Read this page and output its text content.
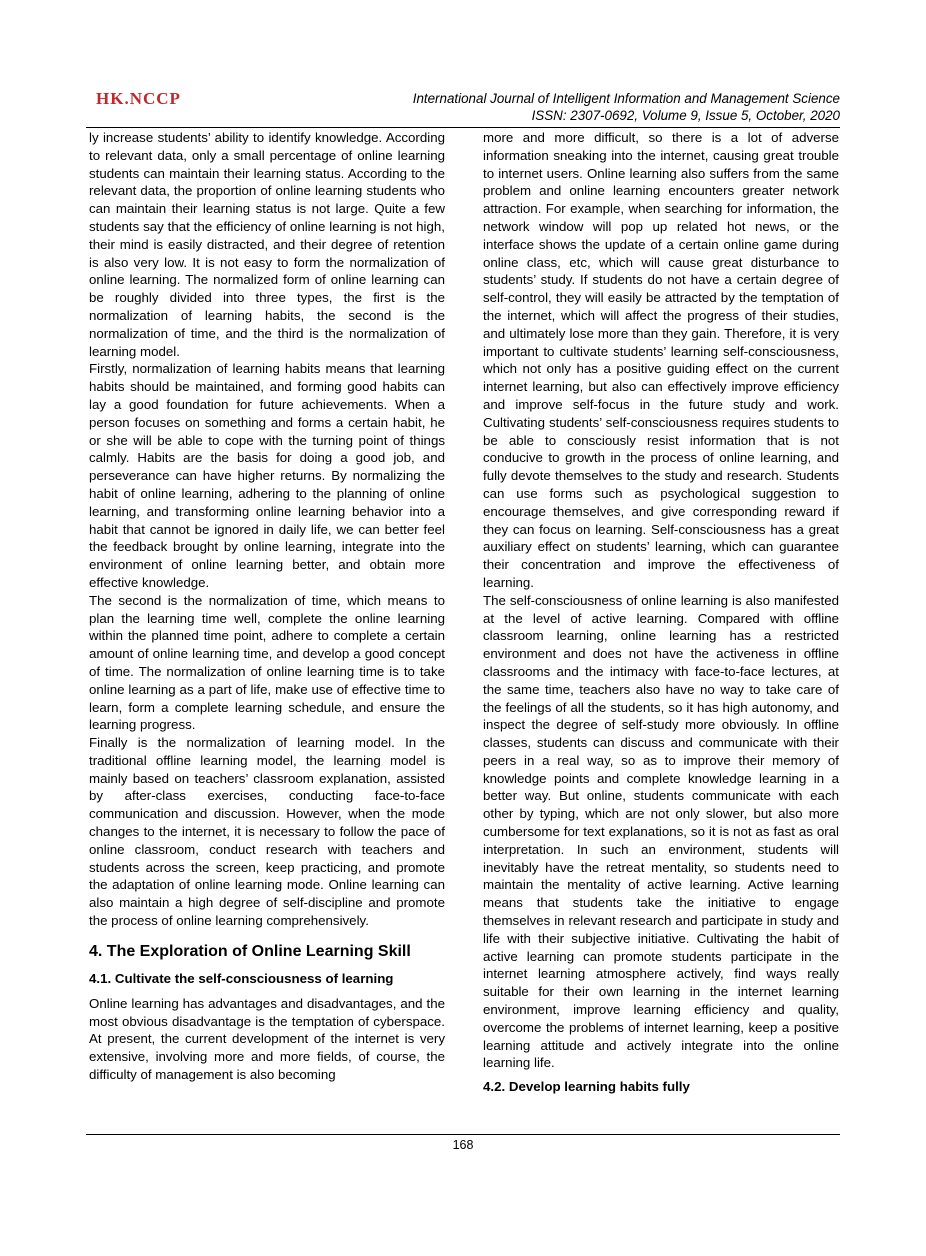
HK.NCCP	International Journal of Intelligent Information and Management Science
ISSN: 2307-0692, Volume 9, Issue 5, October, 2020

ly increase students’ ability to identify knowledge. According to relevant data, only a small percentage of online learning students can maintain their learning status. According to the relevant data, the proportion of online learning students who can maintain their learning status is not large. Quite a few students say that the efficiency of online learning is not high, their mind is easily distracted, and their degree of retention is also very low. It is not easy to form the normalization of online learning. The normalized form of online learning can be roughly divided into three types, the first is the normalization of learning habits, the second is the normalization of time, and the third is the normalization of learning model.

Firstly, normalization of learning habits means that learning habits should be maintained, and forming good habits can lay a good foundation for future achievements. When a person focuses on something and forms a certain habit, he or she will be able to cope with the turning point of things calmly. Habits are the basis for doing a good job, and perseverance can have higher returns. By normalizing the habit of online learning, adhering to the planning of online learning, and transforming online learning behavior into a habit that cannot be ignored in daily life, we can better feel the feedback brought by online learning, integrate into the environment of online learning better, and obtain more effective knowledge.

The second is the normalization of time, which means to plan the learning time well, complete the online learning within the planned time point, adhere to complete a certain amount of online learning time, and develop a good concept of time. The normalization of online learning time is to take online learning as a part of life, make use of effective time to learn, form a complete learning schedule, and ensure the learning progress.

Finally is the normalization of learning model. In the traditional offline learning model, the learning model is mainly based on teachers’ classroom explanation, assisted by after-class exercises, conducting face-to-face communication and discussion. However, when the mode changes to the internet, it is necessary to follow the pace of online classroom, conduct research with teachers and students across the screen, keep practicing, and promote the adaptation of online learning mode. Online learning can also maintain a high degree of self-discipline and promote the process of online learning comprehensively.

4. The Exploration of Online Learning Skill
4.1. Cultivate the self-consciousness of learning

Online learning has advantages and disadvantages, and the most obvious disadvantage is the temptation of cyberspace. At present, the current development of the internet is very extensive, involving more and more fields, of course, the difficulty of management is also becoming

more and more difficult, so there is a lot of adverse information sneaking into the internet, causing great trouble to internet users. Online learning also suffers from the same problem and online learning encounters greater network attraction. For example, when searching for information, the network window will pop up related hot news, or the interface shows the update of a certain online game during online class, etc, which will cause great disturbance to students’ study. If students do not have a certain degree of self-control, they will easily be attracted by the temptation of the internet, which will affect the progress of their studies, and ultimately lose more than they gain. Therefore, it is very important to cultivate students’ learning self-consciousness, which not only has a positive guiding effect on the current internet learning, but also can effectively improve efficiency and improve self-focus in the future study and work. Cultivating students’ self-consciousness requires students to be able to consciously resist information that is not conducive to growth in the process of online learning, and fully devote themselves to the study and research. Students can use forms such as psychological suggestion to encourage themselves, and give corresponding reward if they can focus on learning. Self-consciousness has a great auxiliary effect on students’ learning, which can guarantee their concentration and improve the effectiveness of learning.

The self-consciousness of online learning is also manifested at the level of active learning. Compared with offline classroom learning, online learning has a restricted environment and does not have the activeness in offline classrooms and the intimacy with face-to-face lectures, at the same time, teachers also have no way to take care of the feelings of all the students, so it has high autonomy, and inspect the degree of self-study more obviously. In offline classes, students can discuss and communicate with their peers in a real way, so as to improve their memory of knowledge points and complete knowledge learning in a better way. But online, students communicate with each other by typing, which are not only slower, but also more cumbersome for text explanations, so it is not as fast as oral interpretation. In such an environment, students will inevitably have the retreat mentality, so students need to maintain the mentality of active learning. Active learning means that students take the initiative to engage themselves in relevant research and participate in study and life with their subjective initiative. Cultivating the habit of active learning can promote students participate in the internet learning atmosphere actively, find ways really suitable for their own learning in the internet learning environment, improve learning efficiency and quality, overcome the problems of internet learning, keep a positive learning attitude and actively integrate into the online learning life.

4.2. Develop learning habits fully
168
